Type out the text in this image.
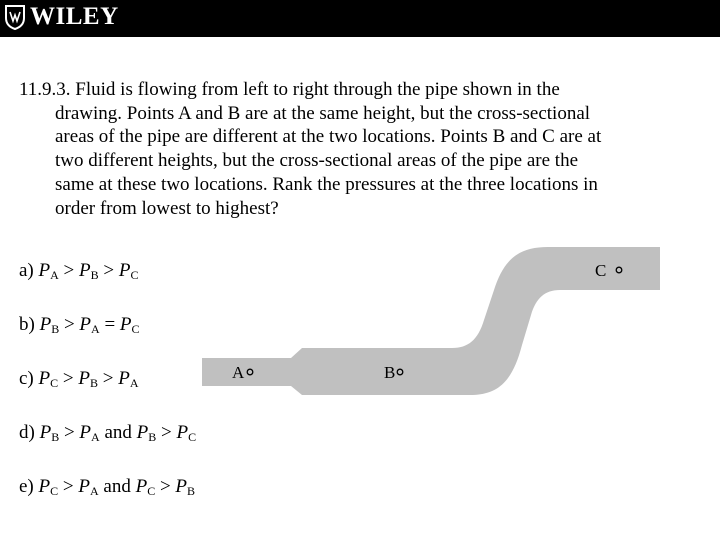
WILEY
11.9.3. Fluid is flowing from left to right through the pipe shown in the
drawing. Points A and B are at the same height, but the cross-sectional
areas of the pipe are different at the two locations. Points B and C are at
two different heights, but the cross-sectional areas of the pipe are the
same at these two locations. Rank the pressures at the three locations in
order from lowest to highest?
a) $P_A > P_B > P_C$
b) $P_B > P_A = P_C$
c) $P_C > P_B > P_A$
d) $P_B > P_A$ and $P_B > P_C$
e) $P_C > P_A$ and $P_C > P_B$
A	B
C
